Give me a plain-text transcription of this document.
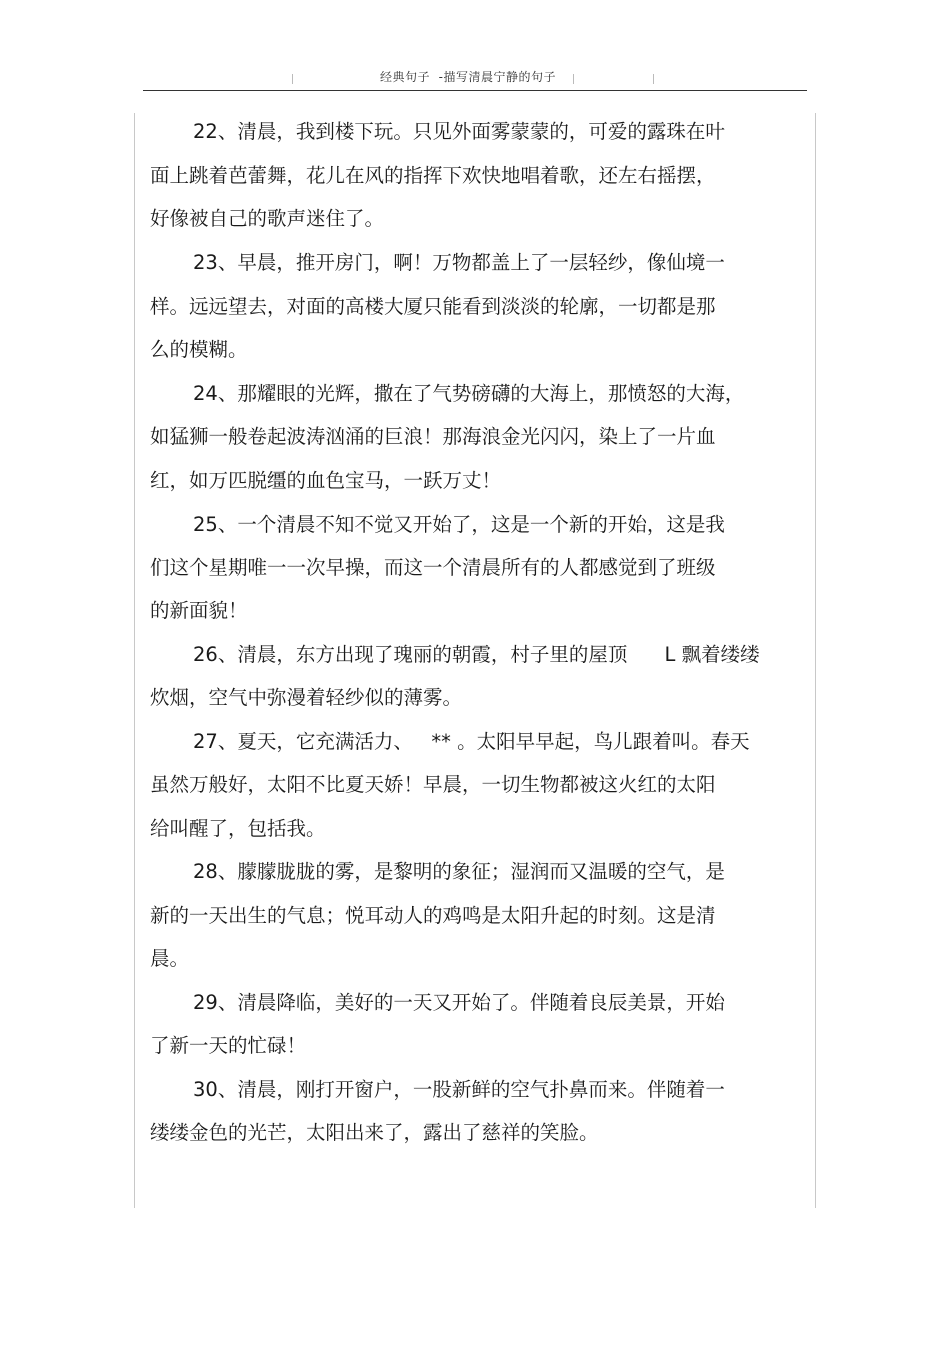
经典句子  -描写清晨宁静的句子
22、清晨，我到楼下玩。只见外面雾蒙蒙的，可爱的露珠在叶
面上跳着芭蕾舞，花儿在风的指挥下欢快地唱着歌，还左右摇摆，
好像被自己的歌声迷住了。
23、早晨，推开房门，啊！万物都盖上了一层轻纱，像仙境一
样。远远望去，对面的高楼大厦只能看到淡淡的轮廓，一切都是那
么的模糊。
24、那耀眼的光辉，撒在了气势磅礴的大海上，那愤怒的大海，
如猛狮一般卷起波涛汹涌的巨浪！那海浪金光闪闪，染上了一片血
红，如万匹脱缰的血色宝马，一跃万丈！
25、一个清晨不知不觉又开始了，这是一个新的开始，这是我
们这个星期唯一一次早操，而这一个清晨所有的人都感觉到了班级
的新面貌！
26、清晨，东方出现了瑰丽的朝霞，村子里的屋顶      L 飘着缕缕
炊烟，空气中弥漫着轻纱似的薄雾。
27、夏天，它充满活力、   ** 。太阳早早起，鸟儿跟着叫。春天
虽然万般好，太阳不比夏天娇！早晨，一切生物都被这火红的太阳
给叫醒了，包括我。
28、朦朦胧胧的雾，是黎明的象征；湿润而又温暖的空气，是
新的一天出生的气息；悦耳动人的鸡鸣是太阳升起的时刻。这是清
晨。
29、清晨降临，美好的一天又开始了。伴随着良辰美景，开始
了新一天的忙碌！
30、清晨，刚打开窗户，一股新鲜的空气扑鼻而来。伴随着一
缕缕金色的光芒，太阳出来了，露出了慈祥的笑脸。
